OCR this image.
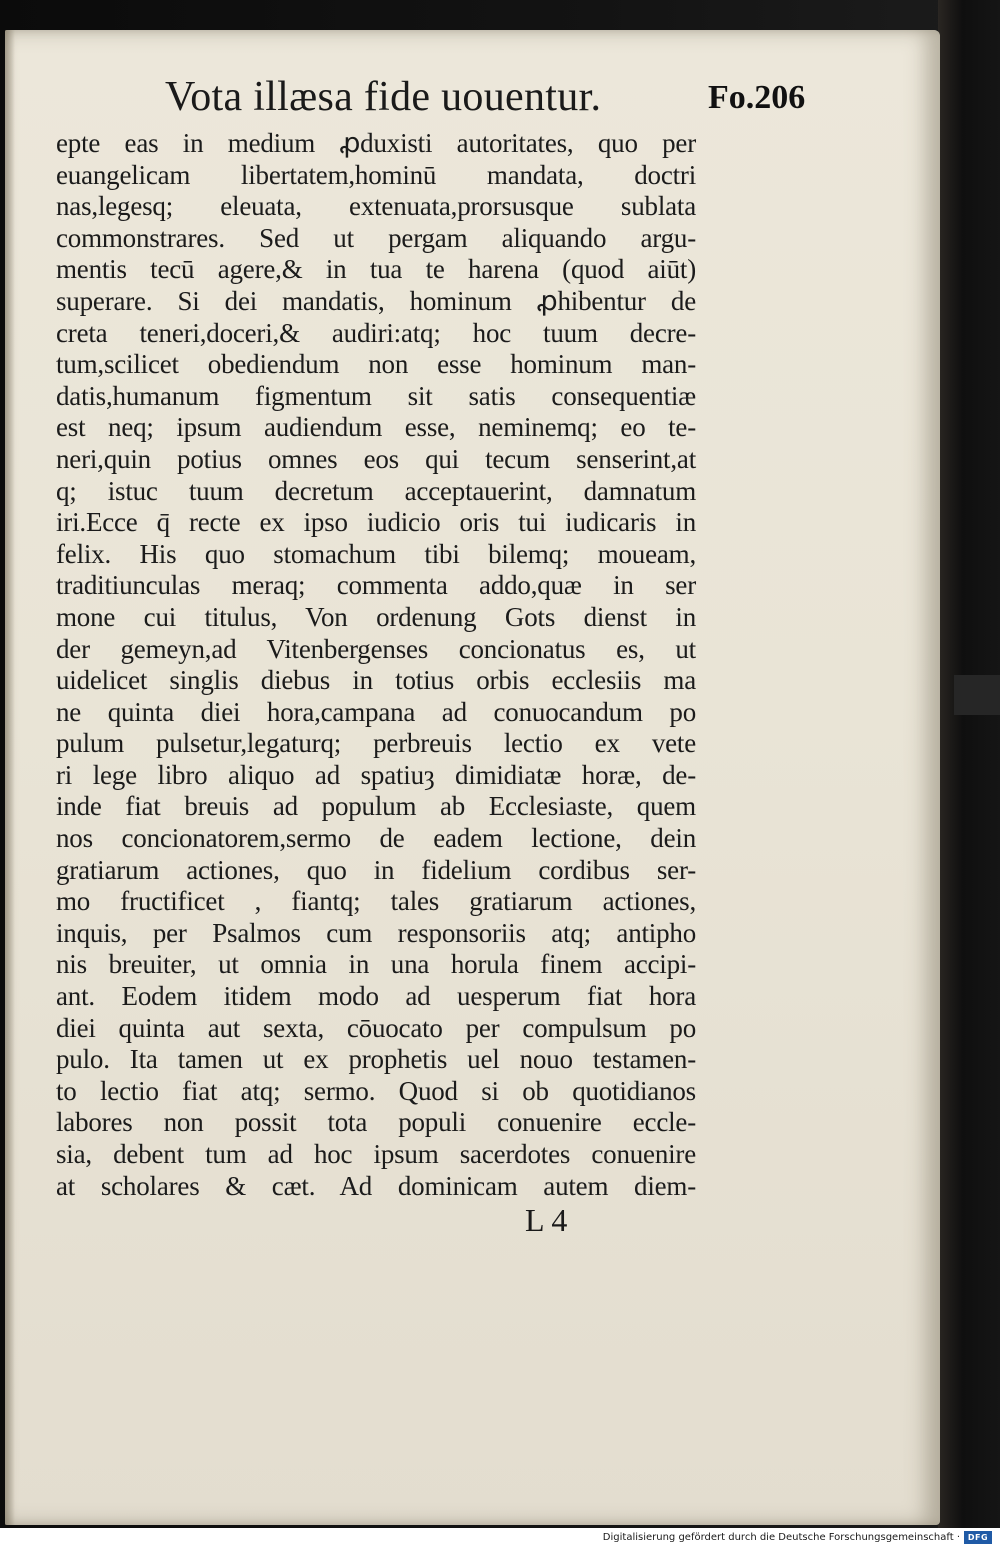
Vota illæsa fide uouentur.	Fo.206
epte eas in medium ꝓduxisti autoritates, quo per
euangelicam libertatem,hominū mandata, doctri
nas,legesq; eleuata, extenuata,prorsusque sublata
commonstrares. Sed ut pergam aliquando argu-
mentis tecū agere,& in tua te harena (quod aiūt)
superare. Si dei mandatis, hominum ꝓhibentur de
creta teneri,doceri,& audiri:atq; hoc tuum decre-
tum,scilicet obediendum non esse hominum man-
datis,humanum figmentum sit satis consequentiæ
est neq; ipsum audiendum esse, neminemq; eo te-
neri,quin potius omnes eos qui tecum senserint,at
q; istuc tuum decretum acceptauerint, damnatum
iri.Ecce q̄ recte ex ipso iudicio oris tui iudicaris in
felix. His quo stomachum tibi bilemq; moueam,
traditiunculas meraq; commenta addo,quæ in ser
mone cui titulus, Von ordenung Gots dienst in
der gemeyn,ad Vitenbergenses concionatus es, ut
uidelicet singlis diebus in totius orbis ecclesiis ma
ne quinta diei hora,campana ad conuocandum po
pulum pulsetur,legaturq; perbreuis lectio ex vete
ri lege libro aliquo ad spatiuȝ dimidiatæ horæ, de-
inde fiat breuis ad populum ab Ecclesiaste, quem
nos concionatorem,sermo de eadem lectione, dein
gratiarum actiones, quo in fidelium cordibus ser-
mo fructificet , fiantq; tales gratiarum actiones,
inquis, per Psalmos cum responsoriis atq; antipho
nis breuiter, ut omnia in una horula finem accipi-
ant. Eodem itidem modo ad uesperum fiat hora
diei quinta aut sexta, cōuocato per compulsum po
pulo. Ita tamen ut ex prophetis uel nouo testamen-
to lectio fiat atq; sermo. Quod si ob quotidianos
labores non possit tota populi conuenire eccle-
sia, debent tum ad hoc ipsum sacerdotes conuenire
at scholares & cæt. Ad dominicam autem diem-
L 4
Digitalisierung gefördert durch die Deutsche Forschungsgemeinschaft · DFG
